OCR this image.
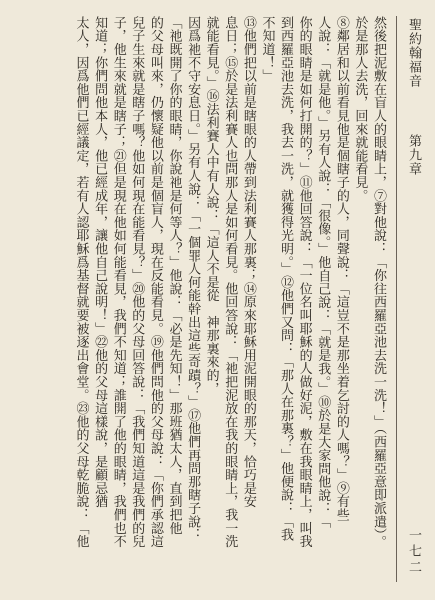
聖約翰福音
第九章
一七二

然後把泥敷在盲人的眼睛上，⑦對他說：「你往西羅亞池去洗一洗！」（西羅亞意即派遣）。

於是那人去洗，回來就能看見。

⑧鄰居和以前看見他是個瞎子的人，同聲說：「這豈不是那坐着乞討的人嗎？」⑨有些

人說：「就是他。」另有人說：「很像。」他自己說：「就是我。」⑩於是大家問他說：「

你的眼睛是如何打開的？」⑪他回答說：「一位名叫耶穌的人做好泥，敷在我眼睛上，叫我

到西羅亞池去洗，我去一洗，就獲得光明。」⑫他們又問：「那人在那裏？」他便說：「我

不知道！」

⑬他們把以前是瞎眼的人帶到法利賽人那裏；⑭原來耶穌用泥開眼的那天，恰巧是安

息日；⑮於是法利賽人也問那人是如何看見。他回答說：「祂把泥放在我的眼睛上，我一洗

就能看見。」⑯法利賽人中有人說：「這人不是從　神那裏來的，

因爲祂不守安息日。」另有人說：「一個罪人何能幹出這些奇蹟？」⑰他們再問那瞎子說：

「祂既開了你的眼睛，你說祂是何等人？」他說：「必是先知！」那班猶太人，直到把他

的父母叫來，仍懷疑他以前是個盲人，現在反能看見。⑲他們問他的父母說：「你們承認這

兒子生來就是瞎子嗎？他如何現在能看見？」⑳他的父母回答說：「我們知道這是我們的兒

子，他生來就是瞎子；㉑但是現在他如何能看見，我們不知道；誰開了他的眼睛，我們也不

知道；你們問他本人，他已經成年，讓他自己說明！」㉒他的父母這樣說，是顧忌猶

太人，因爲他們已經議定，若有人認耶穌爲基督就要被逐出會堂。㉓他的父母乾脆說：「他
